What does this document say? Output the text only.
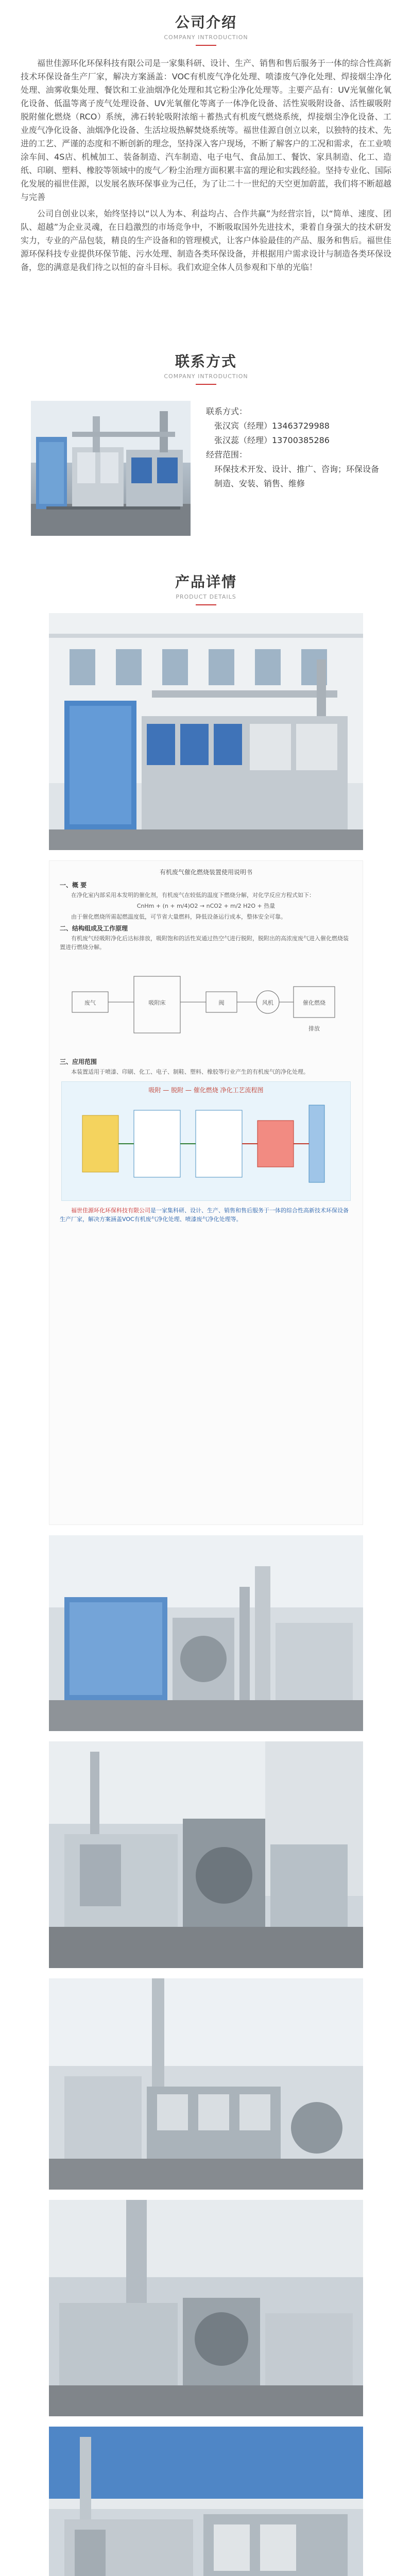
公司介绍
COMPANY INTRODUCTION

福世佳源环化环保科技有限公司是一家集科研、设计、生产、销售和售后服务于一体的综合性高新技术环保设备生产厂家，解决方案涵盖：VOC有机废气净化处理、喷漆废气净化处理、焊接烟尘净化处理、油雾收集处理、餐饮和工业油烟净化处理和其它粉尘净化处理等。主要产品有：UV光氧催化氧化设备、低温等离子废气处理设备、UV光氧催化等离子一体净化设备、活性炭吸附设备、活性碳吸附脱附催化燃烧（RCO）系统，沸石转轮吸附浓缩＋蓄热式有机废气燃烧系统，焊接烟尘净化设备、工业废气净化设备、油烟净化设备、生活垃圾热解焚烧系统等。福世佳源自创立以来，以独特的技术、先进的工艺、严谨的态度和不断创新的理念，坚持深入客户现场，不断了解客户的工况和需求，在工业喷涂车间、4S店、机械加工、装备制造、汽车制造、电子电气、食品加工、餐饮、家具制造、化工、造纸、印刷、塑料、橡胶等领域中的废气／粉尘治理方面积累丰富的理论和实践经验。坚持专业化、国际化发展的福世佳源，以发展名族环保事业为己任，为了让二十一世纪的天空更加蔚蓝，我们将不断超越与完善

公司自创业以来，始终坚持以“以人为本、利益均占、合作共赢”为经营宗旨，以“简单、速度、团队、超越”为企业灵魂，在日趋激烈的市场竞争中，不断吸取国外先进技术，秉着自身强大的技术研发实力，专业的产品包装，精良的生产设备和的管理模式，让客户体验最佳的产品、服务和售后。福世佳源环保科技专业提供环保节能、污水处理、制造各类环保设备，并根据用户需求设计与制造各类环保设备，您的满意是我们待之以恒的奋斗目标。我们欢迎全体人员参观和下单的光临！

联系方式
COMPANY INTRODUCTION
联系方式：
张汉宾（经理）13463729988
张汉蕊（经理）13700385286
经营范围：
环保技术开发、设计、推广、咨询；环保设备制造、安装、销售、维修
产品详情
PRODUCT DETAILS
有机废气催化燃烧装置使用说明书
一、概 要
在净化室内部采用本发明的催化剂，有机废气在较低的温度下燃烧分解，对化学反应方程式如下：
CnHm + (n + m/4)O2 → nCO2 + m/2 H2O + 热量
由于催化燃烧所需起燃温度低，可节省大量燃料，降低设备运行成本，整体安全可靠。
二、结构组成及工作原理
有机废气经吸附净化后达标排放，吸附饱和的活性炭通过热空气进行脱附，脱附出的高浓度废气进入催化燃烧装置进行燃烧分解。
废气	吸附床	阀	风机	催化燃烧
排放
三、应用范围
本装置适用于喷漆、印刷、化工、电子、制鞋、塑料、橡胶等行业产生的有机废气的净化处理。
吸附 — 脱附 — 催化燃烧 净化工艺流程图
福世佳源环化环保科技有限公司是一家集科研、设计、生产、销售和售后服务于一体的综合性高新技术环保设备生产厂家，解决方案涵盖VOC有机废气净化处理、喷漆废气净化处理等。
